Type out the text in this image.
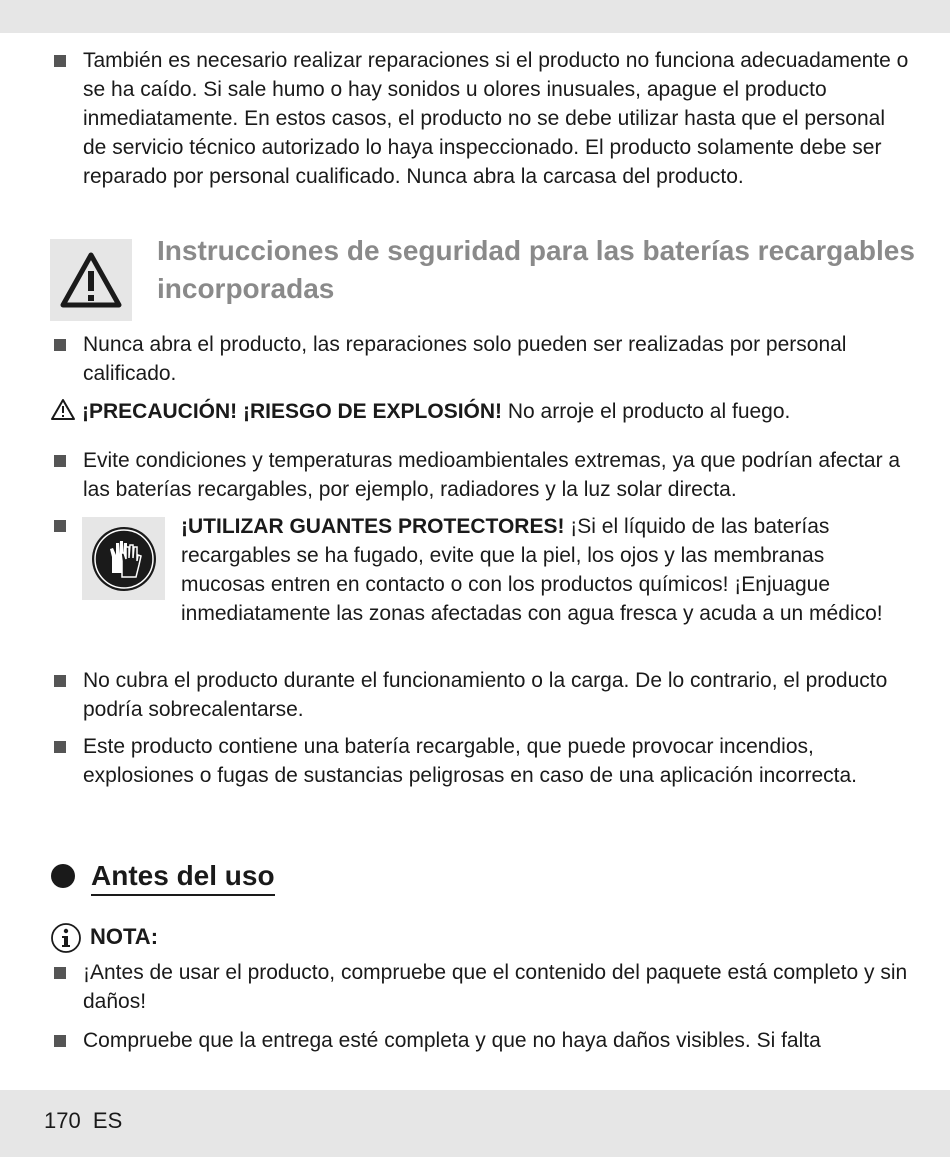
También es necesario realizar reparaciones si el producto no funciona adecuadamente o se ha caído. Si sale humo o hay sonidos u olores inusuales, apague el producto inmediatamente. En estos casos, el producto no se debe utilizar hasta que el personal de servicio técnico autorizado lo haya inspeccionado. El producto solamente debe ser reparado por personal cualificado. Nunca abra la carcasa del producto.
Instrucciones de seguridad para las baterías recargables incorporadas
Nunca abra el producto, las reparaciones solo pueden ser realizadas por personal calificado.
¡PRECAUCIÓN! ¡RIESGO DE EXPLOSIÓN! No arroje el producto al fuego.
Evite condiciones y temperaturas medioambientales extremas, ya que podrían afectar a las baterías recargables, por ejemplo, radiadores y la luz solar directa.
¡UTILIZAR GUANTES PROTECTORES! ¡Si el líquido de las baterías recargables se ha fugado, evite que la piel, los ojos y las membranas mucosas entren en contacto o con los productos químicos! ¡Enjuague inmediatamente las zonas afectadas con agua fresca y acuda a un médico!
No cubra el producto durante el funcionamiento o la carga. De lo contrario, el producto podría sobrecalentarse.
Este producto contiene una batería recargable, que puede provocar incendios, explosiones o fugas de sustancias peligrosas en caso de una aplicación incorrecta.
Antes del uso
NOTA:
¡Antes de usar el producto, compruebe que el contenido del paquete está completo y sin daños!
Compruebe que la entrega esté completa y que no haya daños visibles. Si falta
170  ES
